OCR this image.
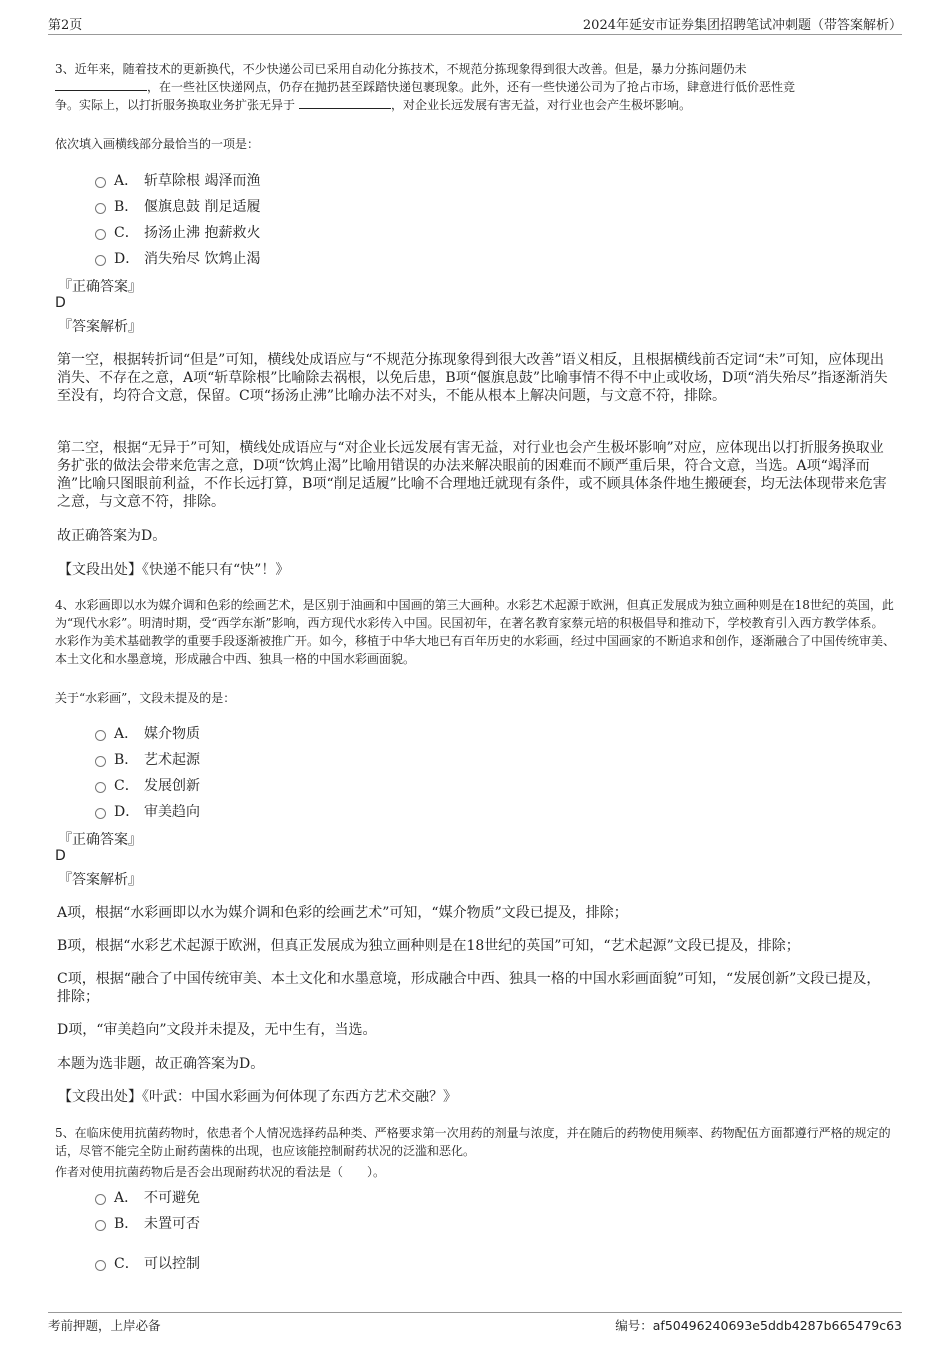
第2页	2024年延安市证券集团招聘笔试冲刺题（带答案解析）
3、近年来，随着技术的更新换代，不少快递公司已采用自动化分拣技术，不规范分拣现象得到很大改善。但是，暴力分拣问题仍未
，在一些社区快递网点，仍存在抛扔甚至踩踏快递包裹现象。此外，还有一些快递公司为了抢占市场，肆意进行低价恶性竞
争。实际上，以打折服务换取业务扩张无异于	，对企业长远发展有害无益，对行业也会产生极坏影响。
依次填入画横线部分最恰当的一项是：
A． 斩草除根 竭泽而渔
B． 偃旗息鼓 削足适履
C． 扬汤止沸 抱薪救火
D． 消失殆尽 饮鸩止渴
『正确答案』
D
『答案解析』
第一空，根据转折词“但是”可知，横线处成语应与“不规范分拣现象得到很大改善”语义相反，且根据横线前否定词“未”可知，应体现出消失、不存在之意，A项“斩草除根”比喻除去祸根，以免后患，B项“偃旗息鼓”比喻事情不得不中止或收场，D项“消失殆尽”指逐渐消失至没有，均符合文意，保留。C项“扬汤止沸”比喻办法不对头，不能从根本上解决问题，与文意不符，排除。
第二空，根据“无异于”可知，横线处成语应与“对企业长远发展有害无益，对行业也会产生极坏影响”对应，应体现出以打折服务换取业务扩张的做法会带来危害之意，D项“饮鸩止渴”比喻用错误的办法来解决眼前的困难而不顾严重后果，符合文意，当选。A项“竭泽而渔”比喻只图眼前利益，不作长远打算，B项“削足适履”比喻不合理地迁就现有条件，或不顾具体条件地生搬硬套，均无法体现带来危害之意，与文意不符，排除。
故正确答案为D。
【文段出处】《快递不能只有“快”！》
4、水彩画即以水为媒介调和色彩的绘画艺术，是区别于油画和中国画的第三大画种。水彩艺术起源于欧洲，但真正发展成为独立画种则是在18世纪的英国，此为“现代水彩”。明清时期，受“西学东渐”影响，西方现代水彩传入中国。民国初年，在著名教育家蔡元培的积极倡导和推动下，学校教育引入西方教学体系。水彩作为美术基础教学的重要手段逐渐被推广开。如今，移植于中华大地已有百年历史的水彩画，经过中国画家的不断追求和创作，逐渐融合了中国传统审美、本土文化和水墨意境，形成融合中西、独具一格的中国水彩画面貌。
关于“水彩画”，文段未提及的是：
A． 媒介物质
B． 艺术起源
C． 发展创新
D． 审美趋向
『正确答案』
D
『答案解析』
A项，根据“水彩画即以水为媒介调和色彩的绘画艺术”可知，“媒介物质”文段已提及，排除；
B项，根据“水彩艺术起源于欧洲，但真正发展成为独立画种则是在18世纪的英国”可知，“艺术起源”文段已提及，排除；
C项，根据“融合了中国传统审美、本土文化和水墨意境，形成融合中西、独具一格的中国水彩画面貌”可知，“发展创新”文段已提及，排除；
D项，“审美趋向”文段并未提及，无中生有，当选。
本题为选非题，故正确答案为D。
【文段出处】《叶武：中国水彩画为何体现了东西方艺术交融？》
5、在临床使用抗菌药物时，依患者个人情况选择药品种类、严格要求第一次用药的剂量与浓度，并在随后的药物使用频率、药物配伍方面都遵行严格的规定的话，尽管不能完全防止耐药菌株的出现，也应该能控制耐药状况的泛滥和恶化。
作者对使用抗菌药物后是否会出现耐药状况的看法是（　　）。
A． 不可避免
B． 未置可否
C． 可以控制
考前押题，上岸必备	编号：af50496240693e5ddb4287b665479c63
